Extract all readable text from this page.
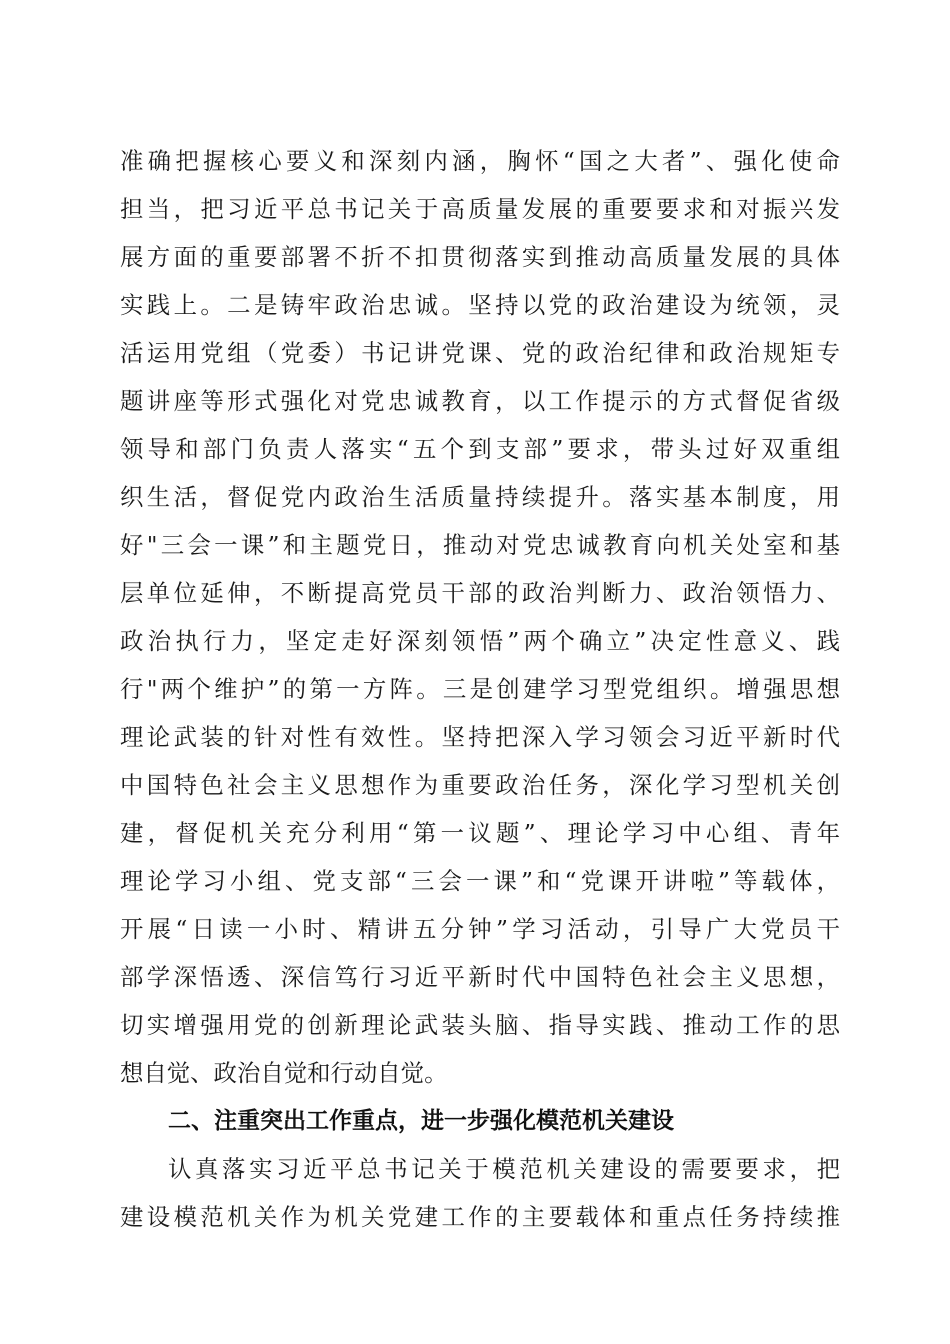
准确把握核心要义和深刻内涵，胸怀“国之大者”、强化使命
担当，把习近平总书记关于高质量发展的重要要求和对振兴发
展方面的重要部署不折不扣贯彻落实到推动高质量发展的具体
实践上。二是铸牢政治忠诚。坚持以党的政治建设为统领，灵
活运用党组（党委）书记讲党课、党的政治纪律和政治规矩专
题讲座等形式强化对党忠诚教育，以工作提示的方式督促省级
领导和部门负责人落实“五个到支部”要求，带头过好双重组
织生活，督促党内政治生活质量持续提升。落实基本制度，用
好"三会一课”和主题党日，推动对党忠诚教育向机关处室和基
层单位延伸，不断提高党员干部的政治判断力、政治领悟力、
政治执行力，坚定走好深刻领悟”两个确立”决定性意义、践
行"两个维护”的第一方阵。三是创建学习型党组织。增强思想
理论武装的针对性有效性。坚持把深入学习领会习近平新时代
中国特色社会主义思想作为重要政治任务，深化学习型机关创
建，督促机关充分利用“第一议题”、理论学习中心组、青年
理论学习小组、党支部“三会一课”和“党课开讲啦”等载体，
开展“日读一小时、精讲五分钟”学习活动，引导广大党员干
部学深悟透、深信笃行习近平新时代中国特色社会主义思想，
切实增强用党的创新理论武装头脑、指导实践、推动工作的思
想自觉、政治自觉和行动自觉。
二、注重突出工作重点，进一步强化模范机关建设
认真落实习近平总书记关于模范机关建设的需要要求，把
建设模范机关作为机关党建工作的主要载体和重点任务持续推
